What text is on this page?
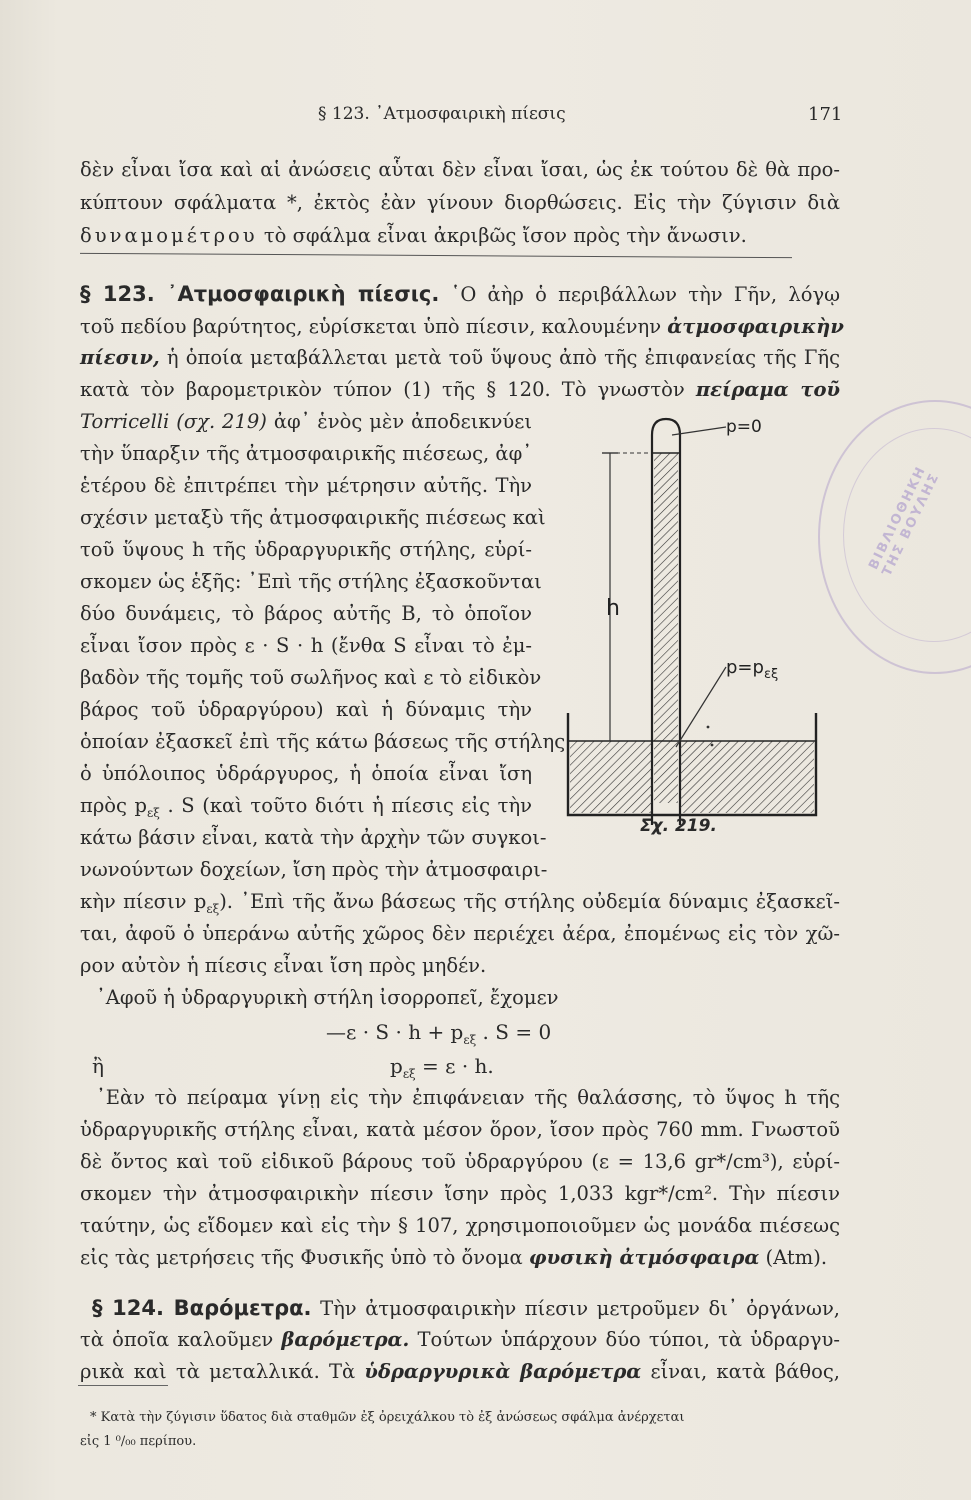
§ 123. ᾿Ατμοσφαιρικὴ πίεσις	171
δὲν εἶναι ἴσα καὶ αἱ ἀνώσεις αὗται δὲν εἶναι ἴσαι, ὡς ἐκ τούτου δὲ θὰ προ-
κύπτουν σφάλματα *, ἐκτὸς ἐὰν γίνουν διορθώσεις. Εἰς τὴν ζύγισιν διὰ
δυναμομέτρου τὸ σφάλμα εἶναι ἀκριβῶς ἴσον πρὸς τὴν ἄνωσιν.
§ 123. ᾿Ατμοσφαιρικὴ πίεσις. ῾Ο ἀὴρ ὁ περιβάλλων τὴν Γῆν, λόγῳ
τοῦ πεδίου βαρύτητος, εὑρίσκεται ὑπὸ πίεσιν, καλουμένην ἀτμοσφαιρικὴν
πίεσιν, ἡ ὁποία μεταβάλλεται μετὰ τοῦ ὕψους ἀπὸ τῆς ἐπιφανείας τῆς Γῆς
κατὰ τὸν βαρομετρικὸν τύπον (1) τῆς § 120. Τὸ γνωστὸν πείραμα τοῦ
Torricelli (σχ. 219) ἀφ᾿ ἑνὸς μὲν ἀποδεικνύει
τὴν ὕπαρξιν τῆς ἀτμοσφαιρικῆς πιέσεως, ἀφ᾿
ἑτέρου δὲ ἐπιτρέπει τὴν μέτρησιν αὐτῆς. Τὴν
σχέσιν μεταξὺ τῆς ἀτμοσφαιρικῆς πιέσεως καὶ
τοῦ ὕψους h τῆς ὑδραργυρικῆς στήλης, εὑρί-
σκομεν ὡς ἑξῆς: ᾿Επὶ τῆς στήλης ἐξασκοῦνται
δύο δυνάμεις, τὸ βάρος αὐτῆς B, τὸ ὁποῖον
εἶναι ἴσον πρὸς ε · S · h (ἔνθα S εἶναι τὸ ἐμ-
βαδὸν τῆς τομῆς τοῦ σωλῆνος καὶ ε τὸ εἰδικὸν
βάρος τοῦ ὑδραργύρου) καὶ ἡ δύναμις τὴν
ὁποίαν ἐξασκεῖ ἐπὶ τῆς κάτω βάσεως τῆς στήλης
ὁ ὑπόλοιπος ὑδράργυρος, ἡ ὁποία εἶναι ἴση
πρὸς $p_{\varepsilon\xi}$ . S (καὶ τοῦτο διότι ἡ πίεσις εἰς τὴν
κάτω βάσιν εἶναι, κατὰ τὴν ἀρχὴν τῶν συγκοι-
νωνούντων δοχείων, ἴση πρὸς τὴν ἀτμοσφαιρι-
κὴν πίεσιν $p_{\varepsilon\xi}$). ᾿Επὶ τῆς ἄνω βάσεως τῆς στήλης οὐδεμία δύναμις ἐξασκεῖ-
ται, ἀφοῦ ὁ ὑπεράνω αὐτῆς χῶρος δὲν περιέχει ἀέρα, ἐπομένως εἰς τὸν χῶ-
ρον αὐτὸν ἡ πίεσις εἶναι ἴση πρὸς μηδέν.
᾿Αφοῦ ἡ ὑδραργυρικὴ στήλη ἰσορροπεῖ, ἔχομεν
—ε · $S \cdot h + p_{\varepsilon\xi}$ . S = 0
ἢ	$p_{\varepsilon\xi} = \varepsilon \cdot h$.
᾿Εὰν τὸ πείραμα γίνῃ εἰς τὴν ἐπιφάνειαν τῆς θαλάσσης, τὸ ὕψος h τῆς
ὑδραργυρικῆς στήλης εἶναι, κατὰ μέσον ὅρον, ἴσον πρὸς 760 mm. Γνωστοῦ
δὲ ὄντος καὶ τοῦ εἰδικοῦ βάρους τοῦ ὑδραργύρου (ε = 13,6 gr*/cm³), εὑρί-
σκομεν τὴν ἀτμοσφαιρικὴν πίεσιν ἴσην πρὸς 1,033 kgr*/cm². Τὴν πίεσιν
ταύτην, ὡς εἴδομεν καὶ εἰς τὴν § 107, χρησιμοποιοῦμεν ὡς μονάδα πιέσεως
εἰς τὰς μετρήσεις τῆς Φυσικῆς ὑπὸ τὸ ὄνομα φυσικὴ ἀτμόσφαιρα (Atm).
§ 124. Βαρόμετρα. Τὴν ἀτμοσφαιρικὴν πίεσιν μετροῦμεν δι᾿ ὀργάνων,
τὰ ὁποῖα καλοῦμεν βαρόμετρα. Τούτων ὑπάρχουν δύο τύποι, τὰ ὑδραργυ-
ρικὰ καὶ τὰ μεταλλικά. Τὰ ὑδραργυρικὰ βαρόμετρα εἶναι, κατὰ βάθος,
* Κατὰ τὴν ζύγισιν ὕδατος διὰ σταθμῶν ἐξ ὀρειχάλκου τὸ ἐξ ἀνώσεως σφάλμα ἀνέρχεται
εἰς 1 ⁰/₀₀ περίπου.
h
p=0
$p=p_{\varepsilon\xi}$
Σχ. 219.
ΒΙΒΛΙΟΘΗΚΗ ΤΗΣ ΒΟΥΛΗΣ
